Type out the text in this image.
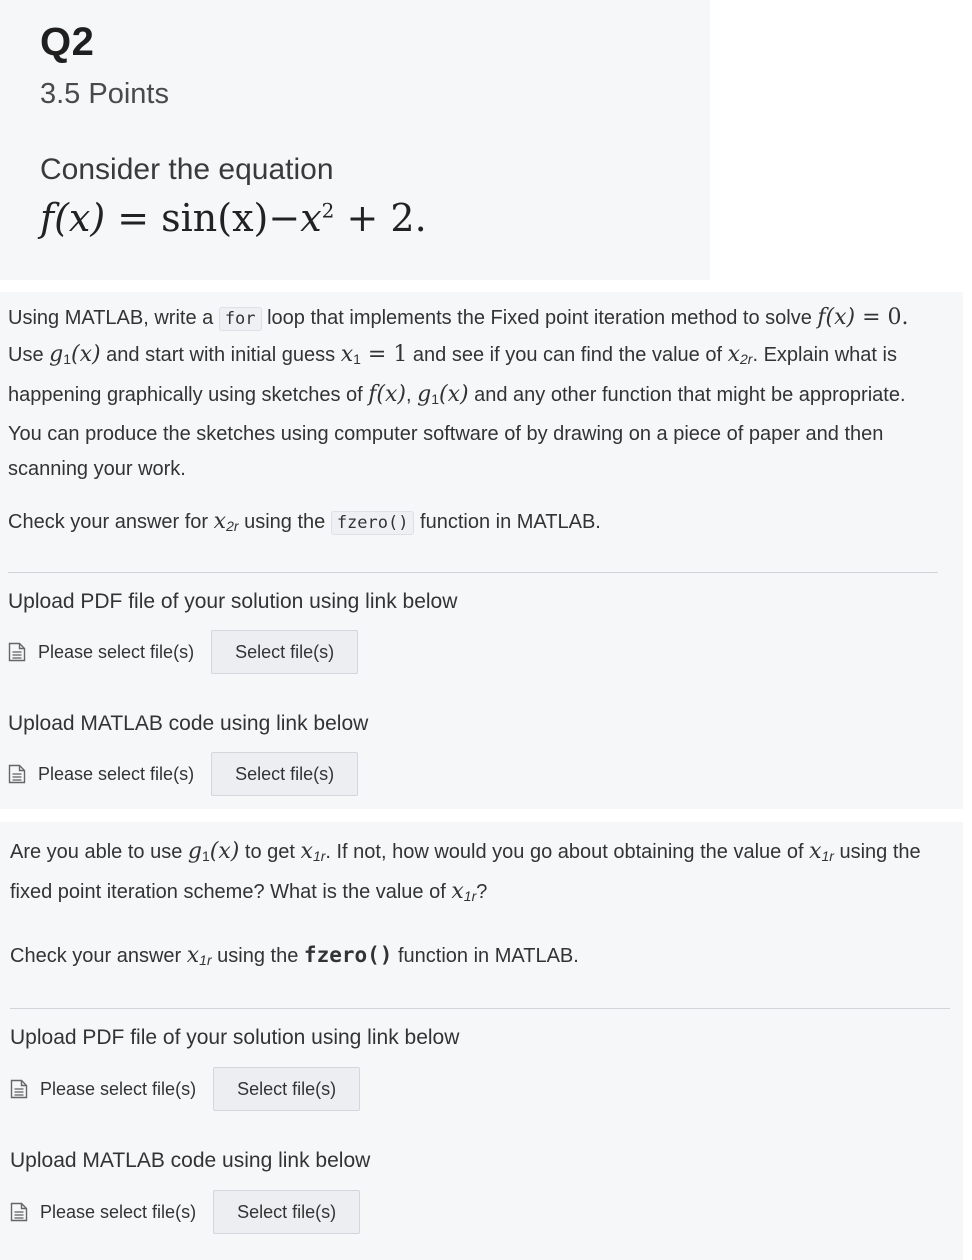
Q2
3.5 Points
Consider the equation
$f(x) = \sin(x)-x^2 + 2$.
Using MATLAB, write a for loop that implements the Fixed point iteration method to solve f(x) = 0. Use $g_1(x)$ and start with initial guess $x_1 = 1$ and see if you can find the value of $x_{2r}$. Explain what is happening graphically using sketches of f(x), $g_1(x)$ and any other function that might be appropriate. You can produce the sketches using computer software of by drawing on a piece of paper and then scanning your work.
Check your answer for $x_{2r}$ using the fzero() function in MATLAB.
Upload PDF file of your solution using link below
Please select file(s)	Select file(s)
Upload MATLAB code using link below
Please select file(s)	Select file(s)
Are you able to use $g_1(x)$ to get $x_{1r}$. If not, how would you go about obtaining the value of $x_{1r}$ using the fixed point iteration scheme? What is the value of $x_{1r}$?
Check your answer $x_{1r}$ using the fzero() function in MATLAB.
Upload PDF file of your solution using link below
Please select file(s)	Select file(s)
Upload MATLAB code using link below
Please select file(s)	Select file(s)
